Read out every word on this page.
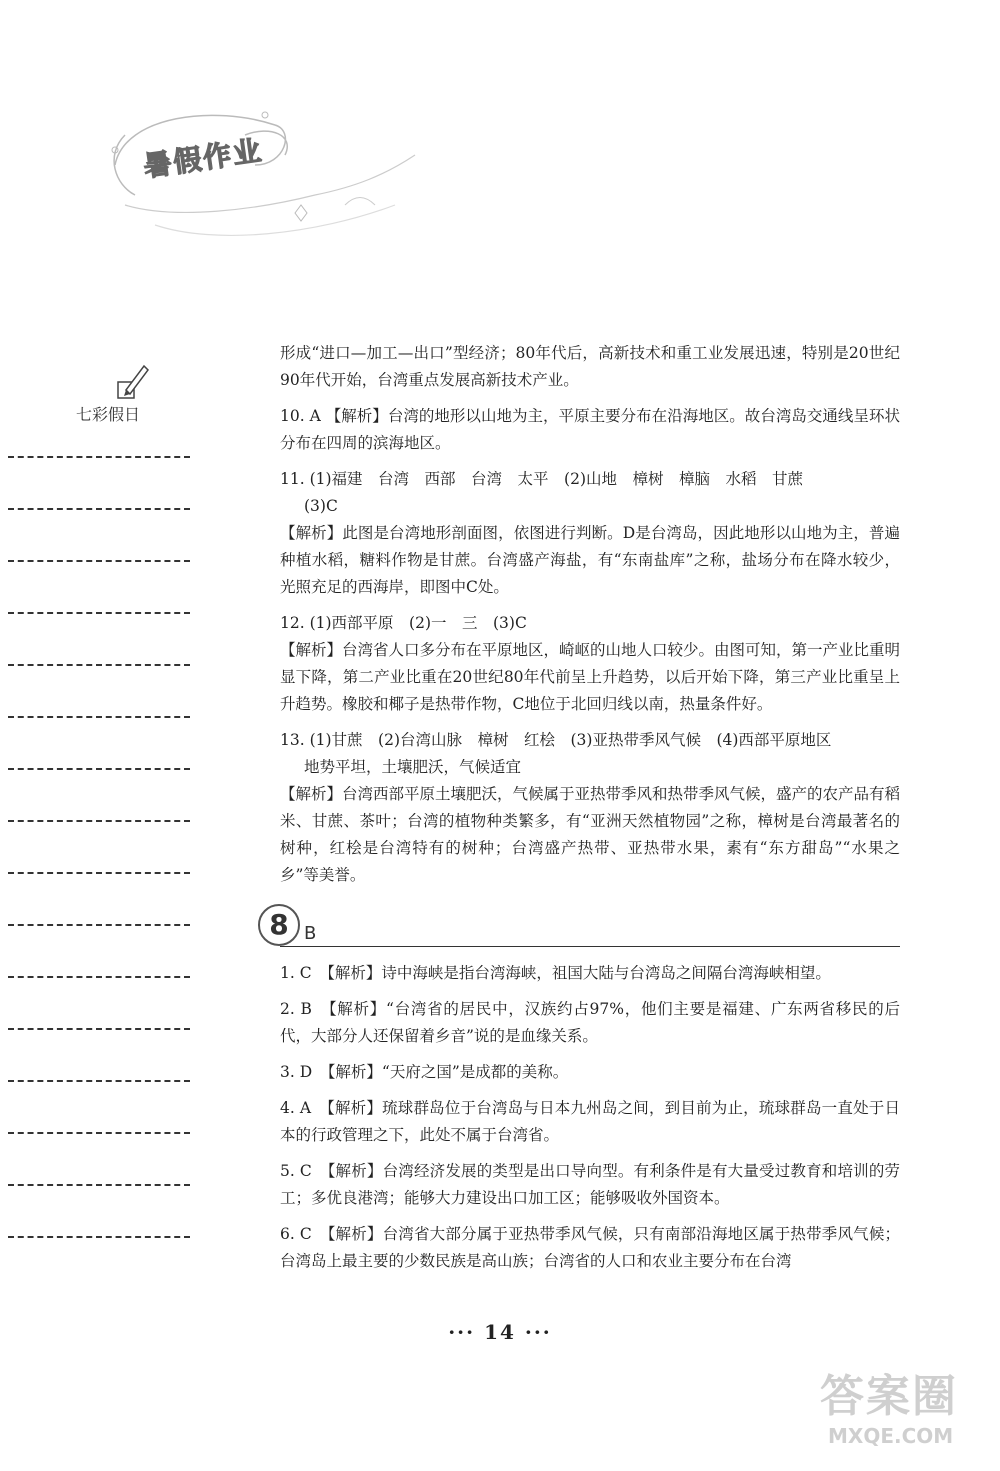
暑假作业
七彩假日

形成“进口—加工—出口”型经济；80年代后，高新技术和重工业发展迅速，特别是20世纪90年代开始，台湾重点发展高新技术产业。

10. A 【解析】台湾的地形以山地为主，平原主要分布在沿海地区。故台湾岛交通线呈环状分布在四周的滨海地区。

11. (1)福建　台湾　西部　台湾　太平　(2)山地　樟树　樟脑　水稻　甘蔗

(3)C

【解析】此图是台湾地形剖面图，依图进行判断。D是台湾岛，因此地形以山地为主，普遍种植水稻，糖料作物是甘蔗。台湾盛产海盐，有“东南盐库”之称，盐场分布在降水较少，光照充足的西海岸，即图中C处。

12. (1)西部平原　(2)一　三　(3)C

【解析】台湾省人口多分布在平原地区，崎岖的山地人口较少。由图可知，第一产业比重明显下降，第二产业比重在20世纪80年代前呈上升趋势，以后开始下降，第三产业比重呈上升趋势。橡胶和椰子是热带作物，C地位于北回归线以南，热量条件好。

13. (1)甘蔗　(2)台湾山脉　樟树　红桧　(3)亚热带季风气候　(4)西部平原地区

地势平坦，土壤肥沃，气候适宜

【解析】台湾西部平原土壤肥沃，气候属于亚热带季风和热带季风气候，盛产的农产品有稻米、甘蔗、茶叶；台湾的植物种类繁多，有“亚洲天然植物园”之称，樟树是台湾最著名的树种，红桧是台湾特有的树种；台湾盛产热带、亚热带水果，素有“东方甜岛”“水果之乡”等美誉。

8 B

1. C　【解析】诗中海峡是指台湾海峡，祖国大陆与台湾岛之间隔台湾海峡相望。

2. B　【解析】“台湾省的居民中，汉族约占97%，他们主要是福建、广东两省移民的后代，大部分人还保留着乡音”说的是血缘关系。

3. D　【解析】“天府之国”是成都的美称。

4. A　【解析】琉球群岛位于台湾岛与日本九州岛之间，到目前为止，琉球群岛一直处于日本的行政管理之下，此处不属于台湾省。

5. C　【解析】台湾经济发展的类型是出口导向型。有利条件是有大量受过教育和培训的劳工；多优良港湾；能够大力建设出口加工区；能够吸收外国资本。

6. C　【解析】台湾省大部分属于亚热带季风气候，只有南部沿海地区属于热带季风气候；台湾岛上最主要的少数民族是高山族；台湾省的人口和农业主要分布在台湾

··· 14 ···
答案圈
MXQE.COM
